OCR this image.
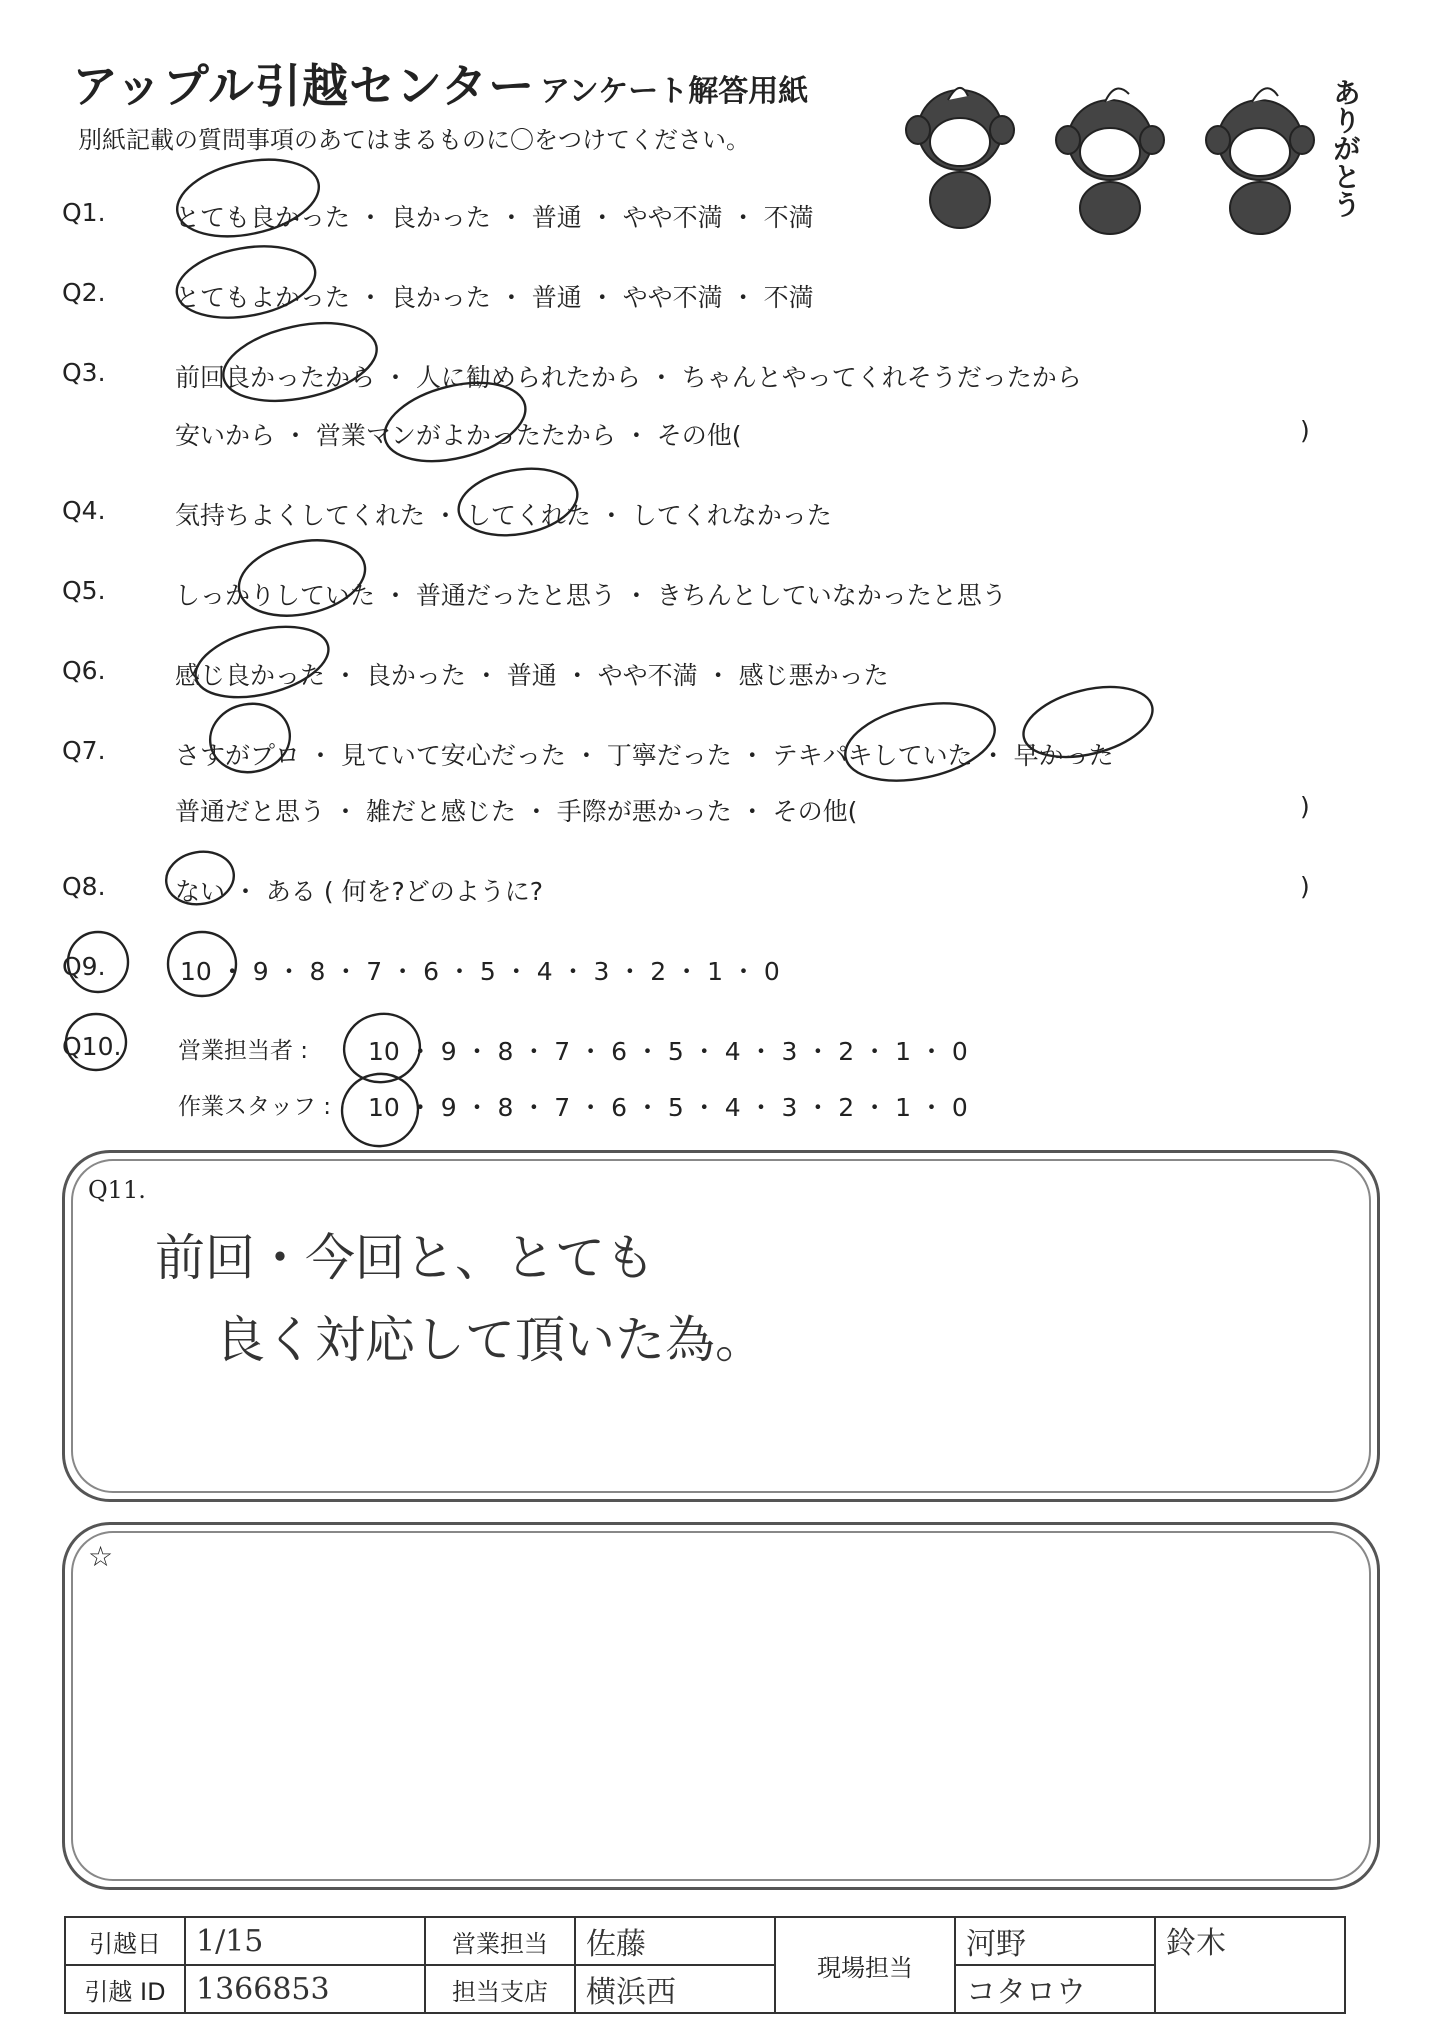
アップル引越センター アンケート解答用紙
別紙記載の質問事項のあてはまるものに〇をつけてください。	ありがとう
Q1.	とても良かった ・ 良かった ・ 普通 ・ やや不満 ・ 不満
Q2.	とてもよかった ・ 良かった ・ 普通 ・ やや不満 ・ 不満
Q3.	前回良かったから ・ 人に勧められたから ・ ちゃんとやってくれそうだったから
安いから ・ 営業マンがよかったたから ・ その他(	)
Q4.	気持ちよくしてくれた ・ してくれた ・ してくれなかった
Q5.	しっかりしていた ・ 普通だったと思う ・ きちんとしていなかったと思う
Q6.	感じ良かった ・ 良かった ・ 普通 ・ やや不満 ・ 感じ悪かった
Q7.	さすがプロ ・ 見ていて安心だった ・ 丁寧だった ・ テキパキしていた ・ 早かった
普通だと思う ・ 雑だと感じた ・ 手際が悪かった ・ その他(	)
Q8.	ない ・ ある ( 何を?どのように?	)
Q9.	10 ・ 9 ・ 8 ・ 7 ・ 6 ・ 5 ・ 4 ・ 3 ・ 2 ・ 1 ・ 0
Q10. 営業担当者 : 10 ・ 9 ・ 8 ・ 7 ・ 6 ・ 5 ・ 4 ・ 3 ・ 2 ・ 1 ・ 0
作業スタッフ : 10 ・ 9 ・ 8 ・ 7 ・ 6 ・ 5 ・ 4 ・ 3 ・ 2 ・ 1 ・ 0
Q11.
前回・今回と、とても
良く対応して頂いた為。
☆
引越日	1/15	営業担当	佐藤	現場担当	河野	鈴木
引越 ID	1366853	担当支店	横浜西		コタロウ	
